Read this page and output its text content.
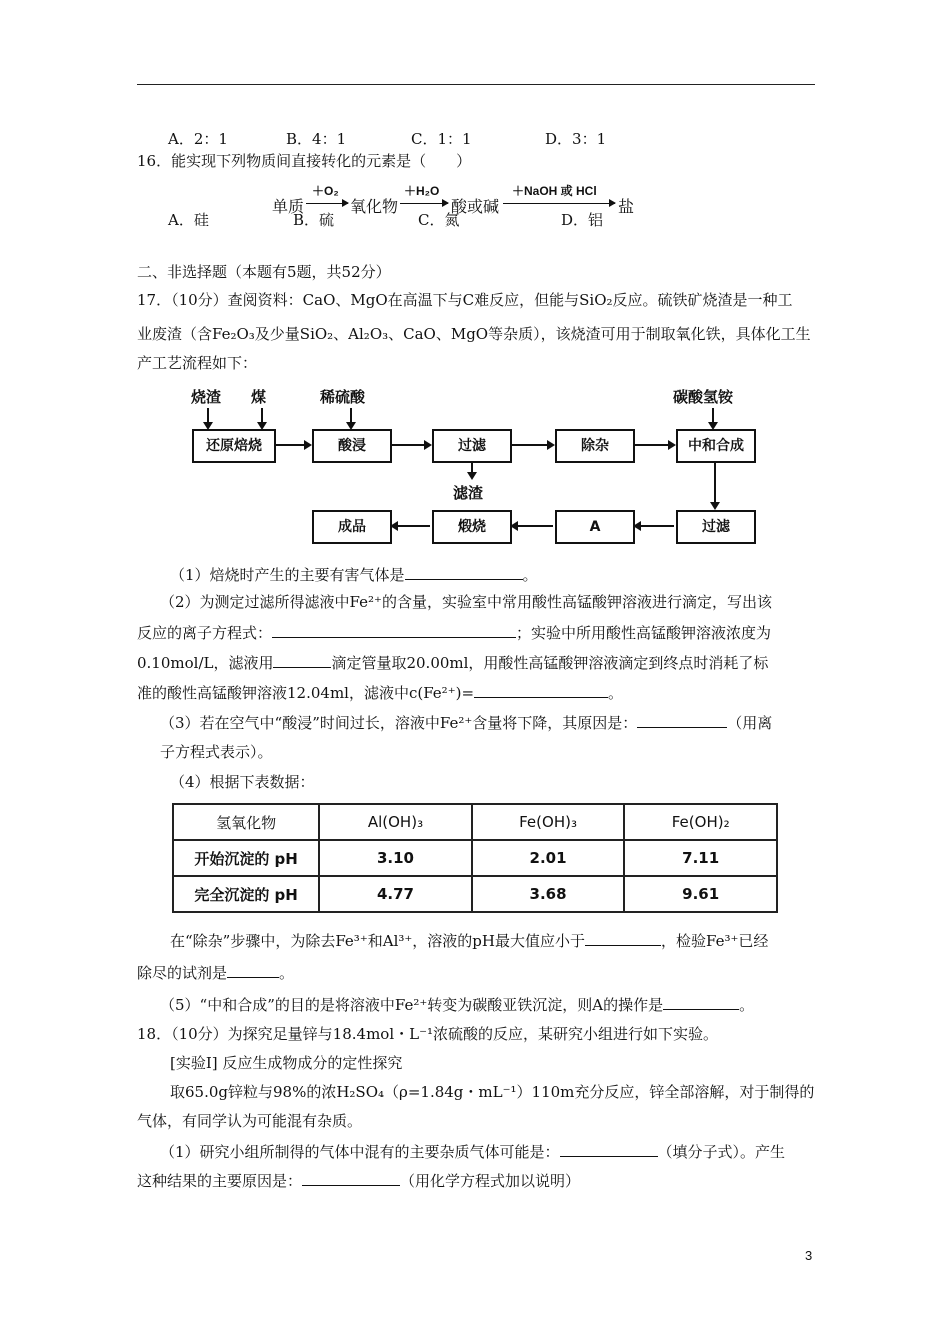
A．2：1	B．4：1	C．1：1	D．3：1
16．能实现下列物质间直接转化的元素是（　　）
单质
＋O₂
氧化物
＋H₂O
酸或碱
＋NaOH 或 HCl
盐
A．硅	B．硫	C．氮	D．铝
二、非选择题（本题有5题，共52分）
17．（10分）查阅资料：CaO、MgO在高温下与C难反应，但能与SiO₂反应。硫铁矿烧渣是一种工
业废渣（含Fe₂O₃及少量SiO₂、Al₂O₃、CaO、MgO等杂质），该烧渣可用于制取氧化铁，具体化工生
产工艺流程如下：
烧渣 煤	稀硫酸	碳酸氢铵
还原焙烧	酸浸	过滤	除杂	中和合成
滤渣
成品	煅烧	A	过滤
（1）焙烧时产生的主要有害气体是	。
（2）为测定过滤所得滤液中Fe²⁺的含量，实验室中常用酸性高锰酸钾溶液进行滴定，写出该
反应的离子方程式：	；实验中所用酸性高锰酸钾溶液浓度为
0.10mol/L，滤液用	滴定管量取20.00ml，用酸性高锰酸钾溶液滴定到终点时消耗了标
准的酸性高锰酸钾溶液12.04ml，滤液中c(Fe²⁺)=	。
（3）若在空气中“酸浸”时间过长，溶液中Fe²⁺含量将下降，其原因是：	（用离
子方程式表示）。
（4）根据下表数据：
氢氧化物	Al(OH)₃	Fe(OH)₃	Fe(OH)₂
开始沉淀的 pH	3.10	2.01	7.11
完全沉淀的 pH	4.77	3.68	9.61
在“除杂”步骤中，为除去Fe³⁺和Al³⁺，溶液的pH最大值应小于	，检验Fe³⁺已经
除尽的试剂是	。
（5）“中和合成”的目的是将溶液中Fe²⁺转变为碳酸亚铁沉淀，则A的操作是	。
18．（10分）为探究足量锌与18.4mol・L⁻¹浓硫酸的反应，某研究小组进行如下实验。
[实验I] 反应生成物成分的定性探究
取65.0g锌粒与98%的浓H₂SO₄（ρ=1.84g・mL⁻¹）110m充分反应，锌全部溶解，对于制得的
气体，有同学认为可能混有杂质。
（1）研究小组所制得的气体中混有的主要杂质气体可能是：	（填分子式）。产生
这种结果的主要原因是：	（用化学方程式加以说明）
3
